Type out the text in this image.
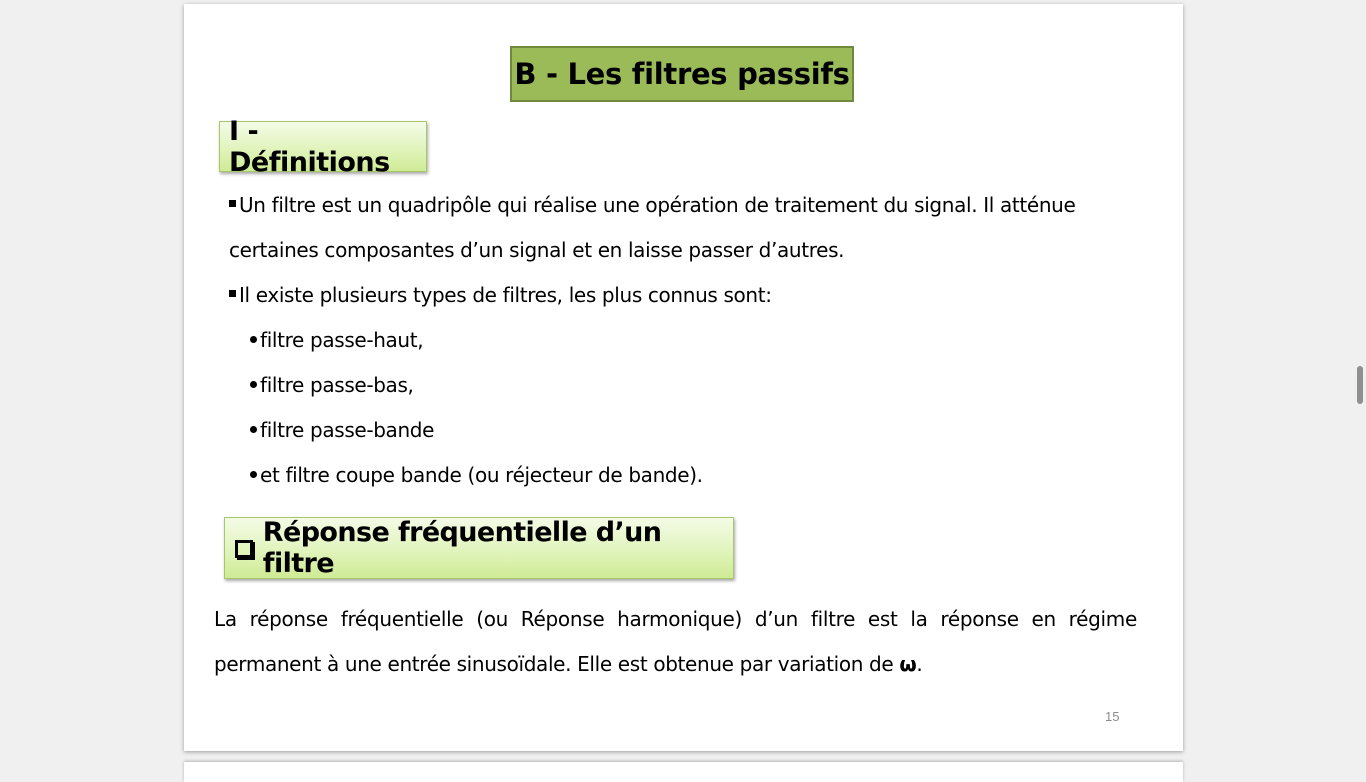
B - Les filtres passifs
I - Définitions
Un filtre est un quadripôle qui réalise une opération de traitement du signal. Il atténue
certaines composantes d’un signal et en laisse passer d’autres.
Il existe plusieurs types de filtres, les plus connus sont:
filtre passe-haut,
filtre passe-bas,
filtre passe-bande
et filtre coupe bande (ou réjecteur de bande).
Réponse fréquentielle d’un filtre
La réponse fréquentielle (ou Réponse harmonique) d’un filtre est la réponse en régime
permanent à une entrée sinusoïdale. Elle est obtenue par variation de ω.
15
